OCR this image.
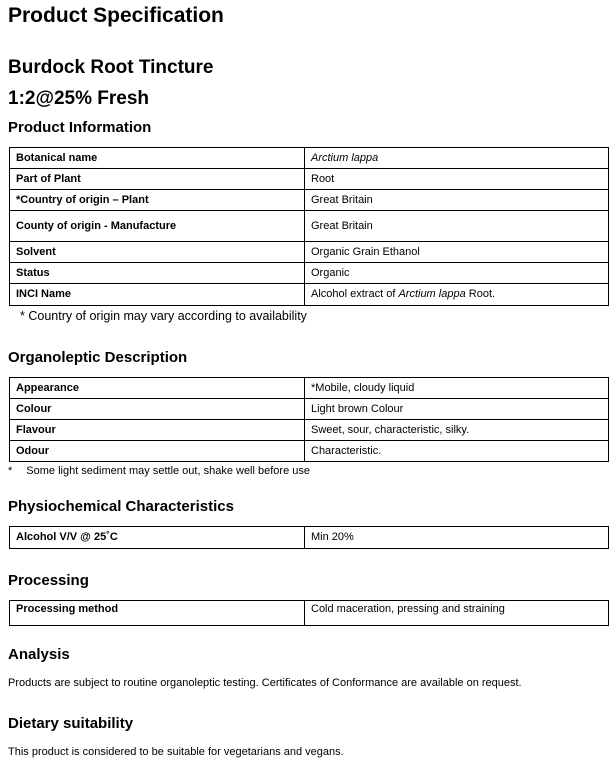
Product Specification
Burdock Root Tincture
1:2@25% Fresh
Product Information
Botanical name	Arctium lappa
Part of Plant	Root
*Country of origin – Plant	Great Britain
County of origin - Manufacture	Great Britain
Solvent	Organic Grain Ethanol
Status	Organic
INCI Name	Alcohol extract of Arctium lappa Root.
* Country of origin may vary according to availability
Organoleptic Description
Appearance	*Mobile, cloudy liquid
Colour	Light brown Colour
Flavour	Sweet, sour, characteristic, silky.
Odour	Characteristic.
* Some light sediment may settle out, shake well before use
Physiochemical Characteristics
Alcohol V/V @ 25˚C	Min 20%
Processing
Processing method	Cold maceration, pressing and straining
Analysis
Products are subject to routine organoleptic testing. Certificates of Conformance are available on request.
Dietary suitability
This product is considered to be suitable for vegetarians and vegans.
